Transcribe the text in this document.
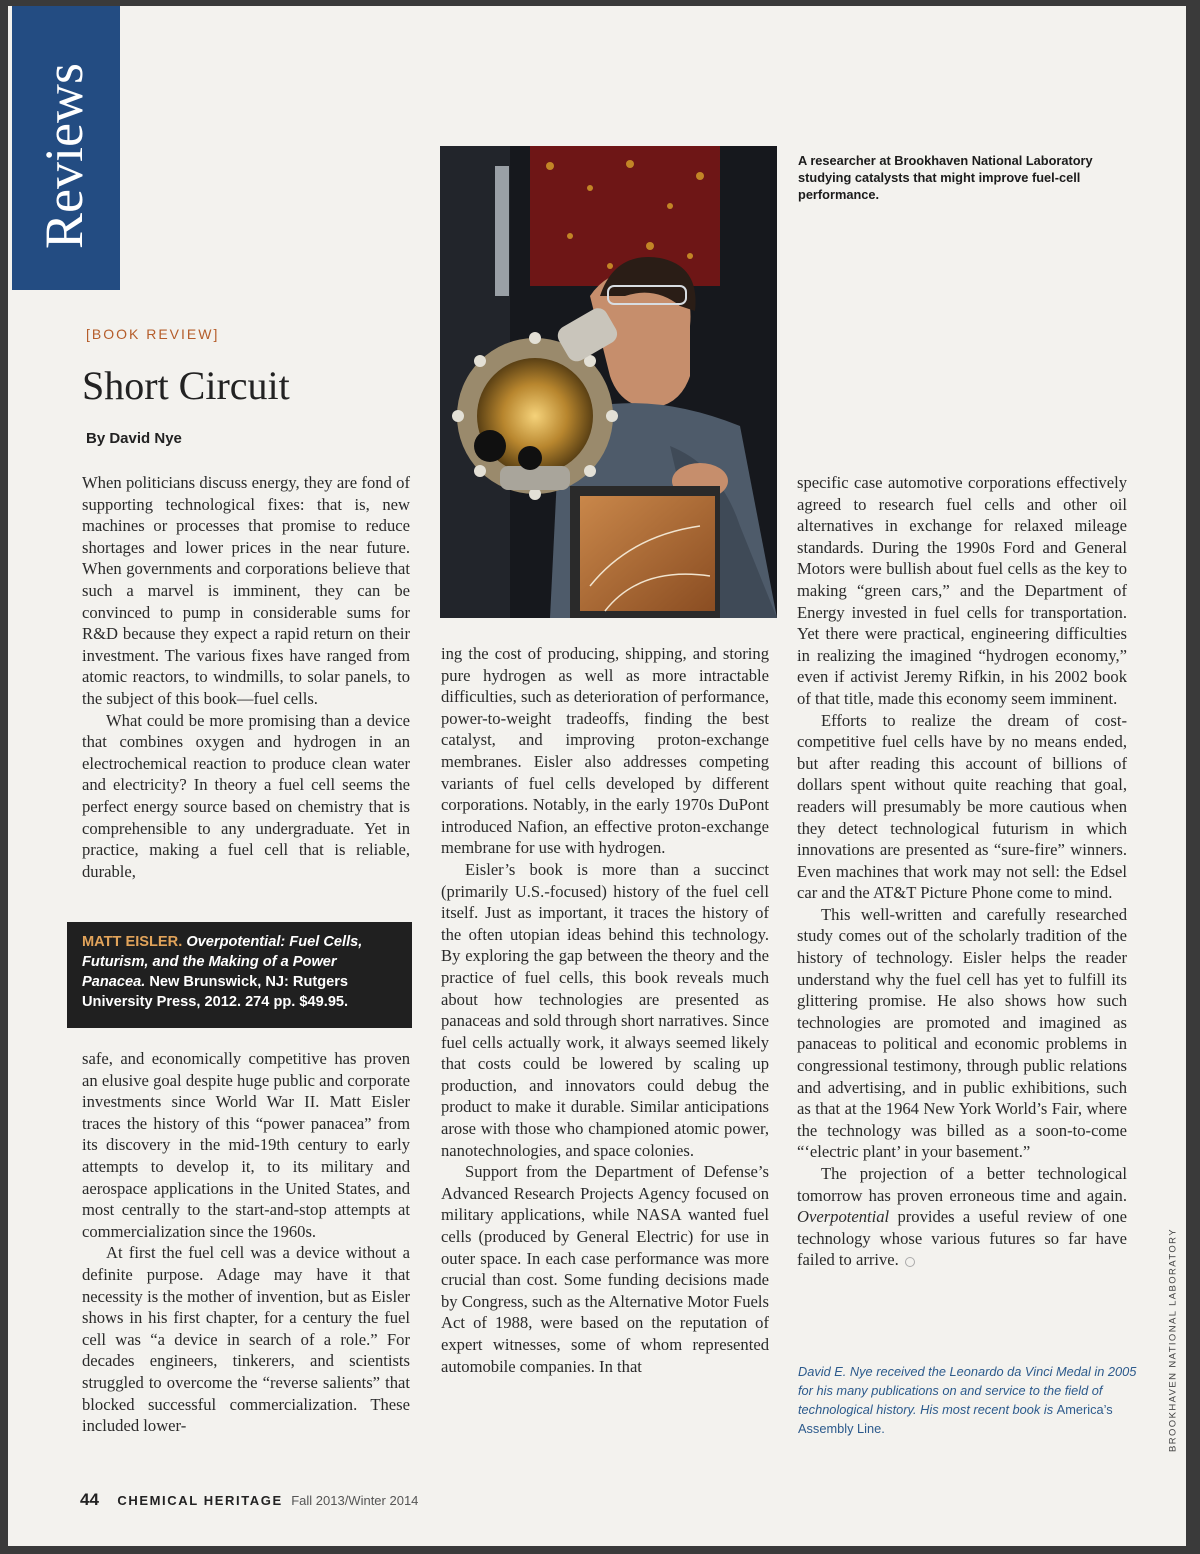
Reviews
[BOOK REVIEW]
Short Circuit
By David Nye

When politicians discuss energy, they are fond of supporting technological fixes: that is, new machines or processes that promise to reduce shortages and lower prices in the near future. When governments and corporations believe that such a marvel is imminent, they can be convinced to pump in considerable sums for R&D because they expect a rapid return on their investment. The various fixes have ranged from atomic reactors, to windmills, to solar panels, to the subject of this book—fuel cells.

What could be more promising than a device that combines oxygen and hydrogen in an electrochemical reaction to produce clean water and electricity? In theory a fuel cell seems the perfect energy source based on chemistry that is comprehensible to any undergraduate. Yet in practice, making a fuel cell that is reliable, durable,

MATT EISLER. Overpotential: Fuel Cells, Futurism, and the Making of a Power Panacea. New Brunswick, NJ: Rutgers University Press, 2012. 274 pp. $49.95.

safe, and economically competitive has proven an elusive goal despite huge public and corporate investments since World War II. Matt Eisler traces the history of this “power panacea” from its discovery in the mid-19th century to early attempts to develop it, to its military and aerospace applications in the United States, and most centrally to the start-and-stop attempts at commercialization since the 1960s.

At first the fuel cell was a device without a definite purpose. Adage may have it that necessity is the mother of invention, but as Eisler shows in his first chapter, for a century the fuel cell was “a device in search of a role.” For decades engineers, tinkerers, and scientists struggled to overcome the “reverse salients” that blocked successful commercialization. These included lower-

A researcher at Brookhaven National Laboratory studying catalysts that might improve fuel-cell performance.

ing the cost of producing, shipping, and storing pure hydrogen as well as more intractable difficulties, such as deterioration of performance, power-to-weight tradeoffs, finding the best catalyst, and improving proton-exchange membranes. Eisler also addresses competing variants of fuel cells developed by different corporations. Notably, in the early 1970s DuPont introduced Nafion, an effective proton-exchange membrane for use with hydrogen.

Eisler’s book is more than a succinct (primarily U.S.-focused) history of the fuel cell itself. Just as important, it traces the history of the often utopian ideas behind this technology. By exploring the gap between the theory and the practice of fuel cells, this book reveals much about how technologies are presented as panaceas and sold through short narratives. Since fuel cells actually work, it always seemed likely that costs could be lowered by scaling up production, and innovators could debug the product to make it durable. Similar anticipations arose with those who championed atomic power, nanotechnologies, and space colonies.

Support from the Department of Defense’s Advanced Research Projects Agency focused on military applications, while NASA wanted fuel cells (produced by General Electric) for use in outer space. In each case performance was more crucial than cost. Some funding decisions made by Congress, such as the Alternative Motor Fuels Act of 1988, were based on the reputation of expert witnesses, some of whom represented automobile companies. In that

specific case automotive corporations effectively agreed to research fuel cells and other oil alternatives in exchange for relaxed mileage standards. During the 1990s Ford and General Motors were bullish about fuel cells as the key to making “green cars,” and the Department of Energy invested in fuel cells for transportation. Yet there were practical, engineering difficulties in realizing the imagined “hydrogen economy,” even if activist Jeremy Rifkin, in his 2002 book of that title, made this economy seem imminent.

Efforts to realize the dream of cost-competitive fuel cells have by no means ended, but after reading this account of billions of dollars spent without quite reaching that goal, readers will presumably be more cautious when they detect technological futurism in which innovations are presented as “sure-fire” winners. Even machines that work may not sell: the Edsel car and the AT&T Picture Phone come to mind.

This well-written and carefully researched study comes out of the scholarly tradition of the history of technology. Eisler helps the reader understand why the fuel cell has yet to fulfill its glittering promise. He also shows how such technologies are promoted and imagined as panaceas to political and economic problems in congressional testimony, through public relations and advertising, and in public exhibitions, such as that at the 1964 New York World’s Fair, where the technology was billed as a soon-to-come “‘electric plant’ in your basement.”

The projection of a better technological tomorrow has proven erroneous time and again. Overpotential provides a useful review of one technology whose various futures so far have failed to arrive.

David E. Nye received the Leonardo da Vinci Medal in 2005 for his many publications on and service to the field of technological history. His most recent book is America’s Assembly Line.	BROOKHAVEN NATIONAL LABORATORY
44 CHEMICAL HERITAGE Fall 2013/Winter 2014
